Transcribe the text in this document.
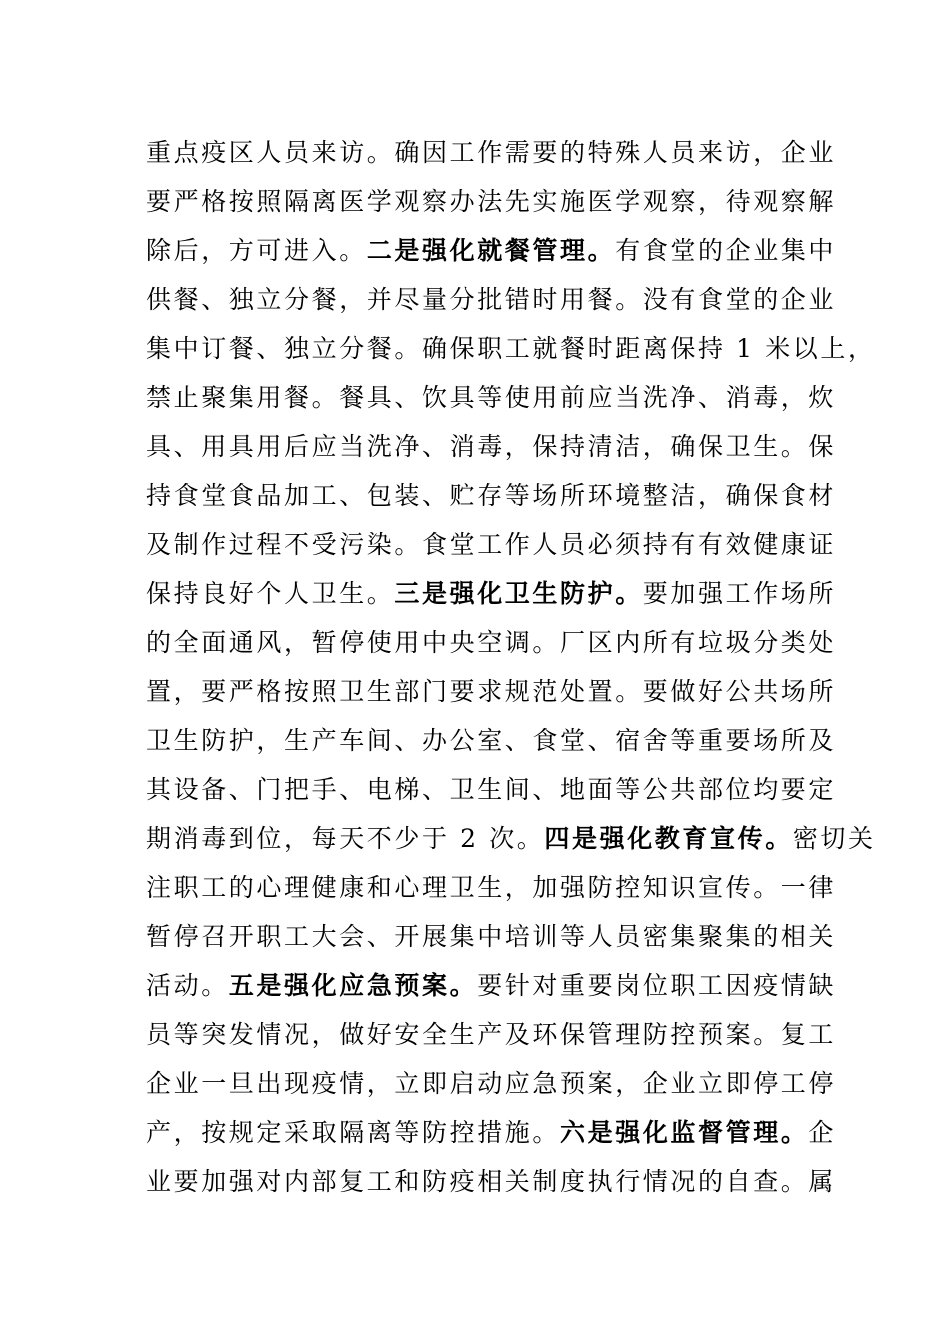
重点疫区人员来访。确因工作需要的特殊人员来访，企业
要严格按照隔离医学观察办法先实施医学观察，待观察解
除后，方可进入。二是强化就餐管理。有食堂的企业集中
供餐、独立分餐，并尽量分批错时用餐。没有食堂的企业
集中订餐、独立分餐。确保职工就餐时距离保持 1 米以上，
禁止聚集用餐。餐具、饮具等使用前应当洗净、消毒，炊
具、用具用后应当洗净、消毒，保持清洁，确保卫生。保
持食堂食品加工、包装、贮存等场所环境整洁，确保食材
及制作过程不受污染。食堂工作人员必须持有有效健康证
保持良好个人卫生。三是强化卫生防护。要加强工作场所
的全面通风，暂停使用中央空调。厂区内所有垃圾分类处
置，要严格按照卫生部门要求规范处置。要做好公共场所
卫生防护，生产车间、办公室、食堂、宿舍等重要场所及
其设备、门把手、电梯、卫生间、地面等公共部位均要定
期消毒到位，每天不少于 2 次。四是强化教育宣传。密切关
注职工的心理健康和心理卫生，加强防控知识宣传。一律
暂停召开职工大会、开展集中培训等人员密集聚集的相关
活动。五是强化应急预案。要针对重要岗位职工因疫情缺
员等突发情况，做好安全生产及环保管理防控预案。复工
企业一旦出现疫情，立即启动应急预案，企业立即停工停
产，按规定采取隔离等防控措施。六是强化监督管理。企
业要加强对内部复工和防疫相关制度执行情况的自查。属
